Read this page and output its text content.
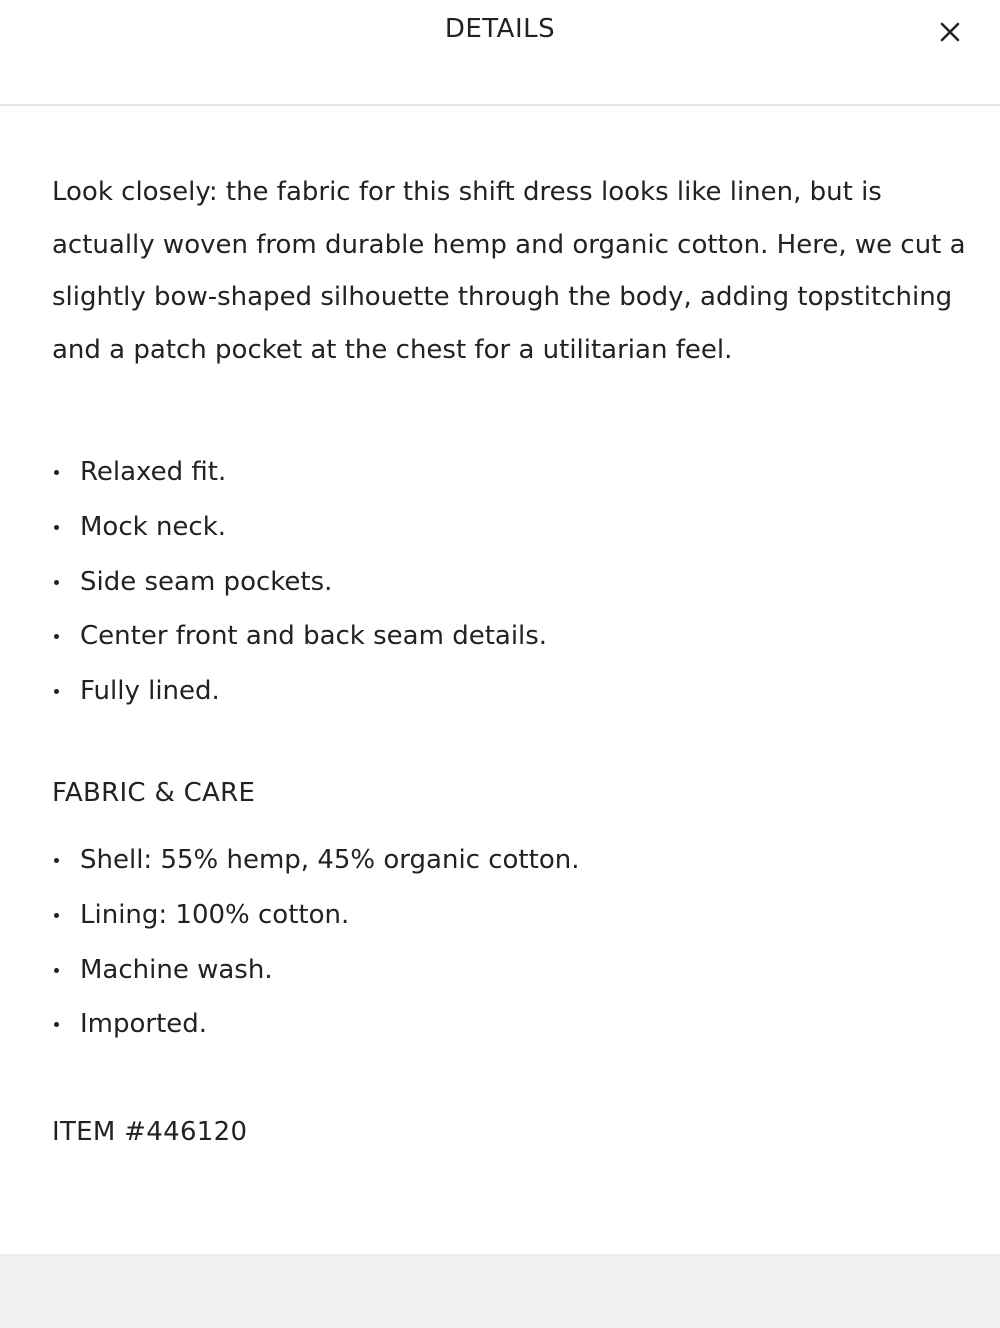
DETAILS

Look closely: the fabric for this shift dress looks like linen, but is actually woven from durable hemp and organic cotton. Here, we cut a slightly bow-shaped silhouette through the body, adding topstitching and a patch pocket at the chest for a utilitarian feel.

Relaxed fit.
Mock neck.
Side seam pockets.
Center front and back seam details.
Fully lined.
FABRIC & CARE
Shell: 55% hemp, 45% organic cotton.
Lining: 100% cotton.
Machine wash.
Imported.
ITEM #446120
